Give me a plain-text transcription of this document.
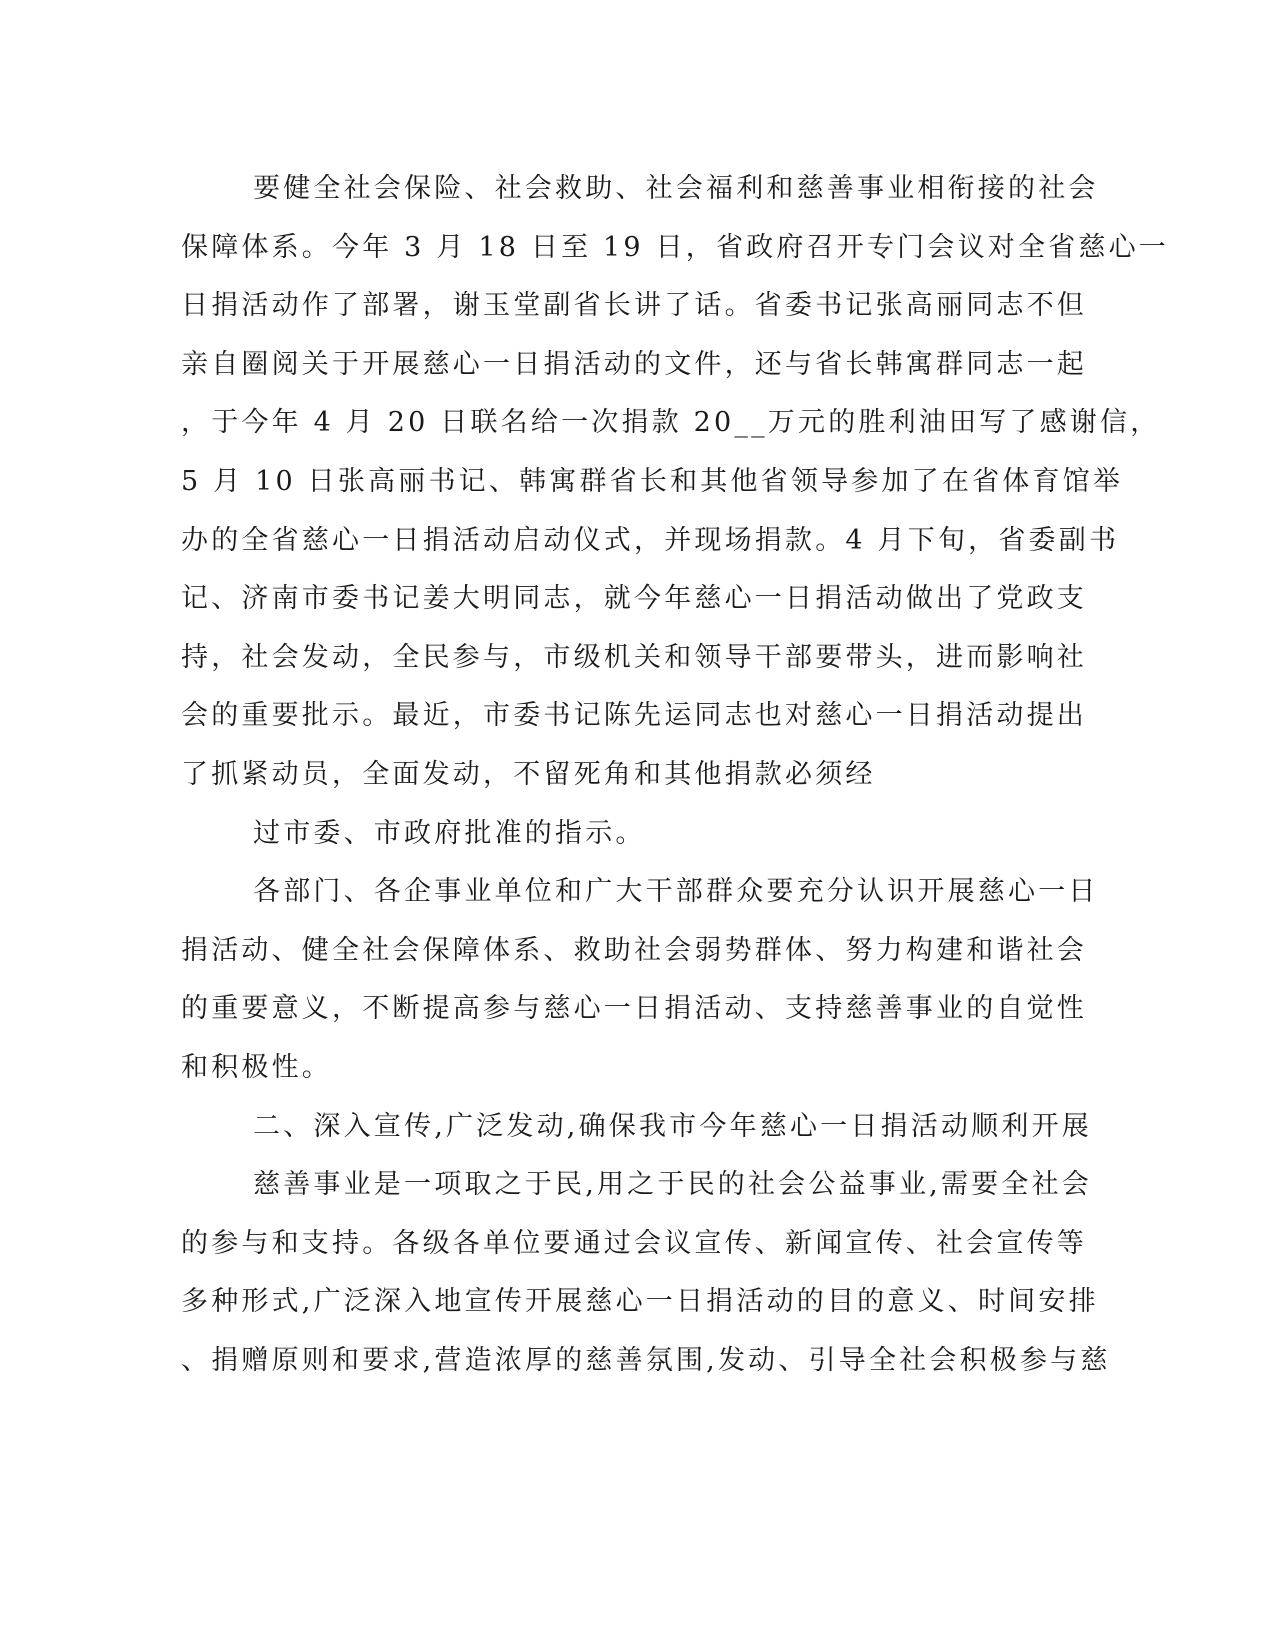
要健全社会保险、社会救助、社会福利和慈善事业相衔接的社会
保障体系。今年 3 月 18 日至 19 日，省政府召开专门会议对全省慈心一
日捐活动作了部署，谢玉堂副省长讲了话。省委书记张高丽同志不但
亲自圈阅关于开展慈心一日捐活动的文件，还与省长韩寓群同志一起
，于今年 4 月 20 日联名给一次捐款 20__万元的胜利油田写了感谢信，
5 月 10 日张高丽书记、韩寓群省长和其他省领导参加了在省体育馆举
办的全省慈心一日捐活动启动仪式，并现场捐款。4 月下旬，省委副书
记、济南市委书记姜大明同志，就今年慈心一日捐活动做出了党政支
持，社会发动，全民参与，市级机关和领导干部要带头，进而影响社
会的重要批示。最近，市委书记陈先运同志也对慈心一日捐活动提出
了抓紧动员，全面发动，不留死角和其他捐款必须经
过市委、市政府批准的指示。
各部门、各企事业单位和广大干部群众要充分认识开展慈心一日
捐活动、健全社会保障体系、救助社会弱势群体、努力构建和谐社会
的重要意义，不断提高参与慈心一日捐活动、支持慈善事业的自觉性
和积极性。
二、深入宣传,广泛发动,确保我市今年慈心一日捐活动顺利开展
慈善事业是一项取之于民,用之于民的社会公益事业,需要全社会
的参与和支持。各级各单位要通过会议宣传、新闻宣传、社会宣传等
多种形式,广泛深入地宣传开展慈心一日捐活动的目的意义、时间安排
、捐赠原则和要求,营造浓厚的慈善氛围,发动、引导全社会积极参与慈
